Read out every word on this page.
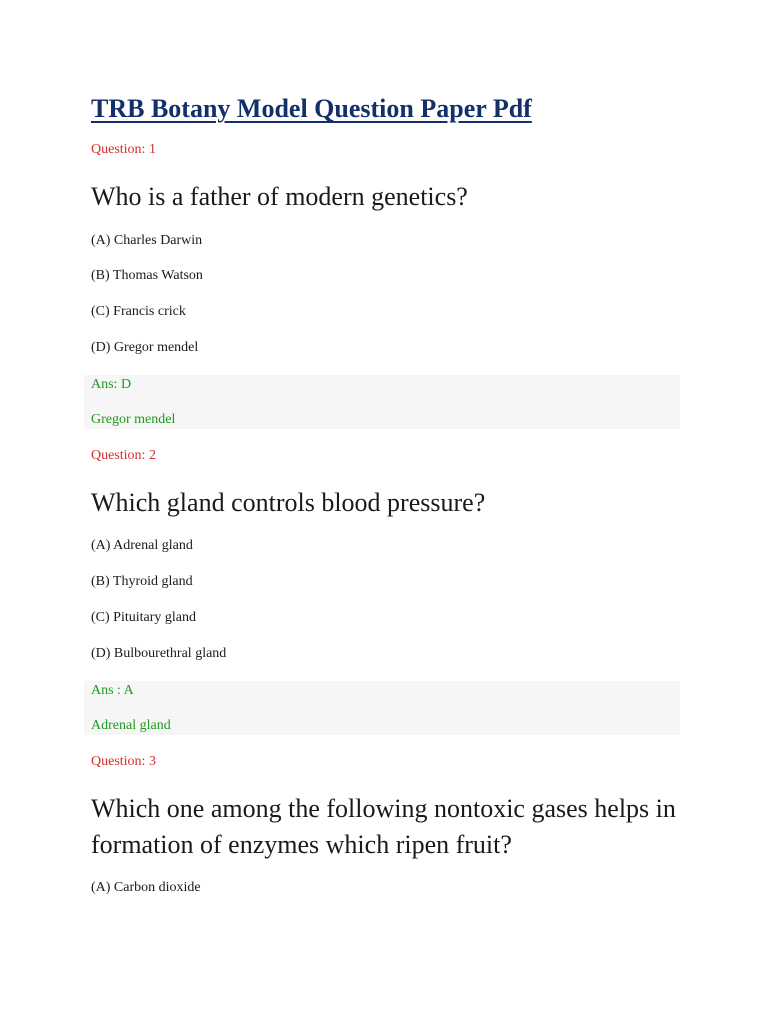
TRB Botany Model Question Paper Pdf
Question: 1
Who is a father of modern genetics?
(A) Charles Darwin
(B) Thomas Watson
(C) Francis crick
(D) Gregor mendel
Ans: D
Gregor mendel
Question: 2
Which gland controls blood pressure?
(A) Adrenal gland
(B) Thyroid gland
(C) Pituitary gland
(D) Bulbourethral gland
Ans : A
Adrenal gland
Question: 3
Which one among the following nontoxic gases helps in formation of enzymes which ripen fruit?
(A) Carbon dioxide
